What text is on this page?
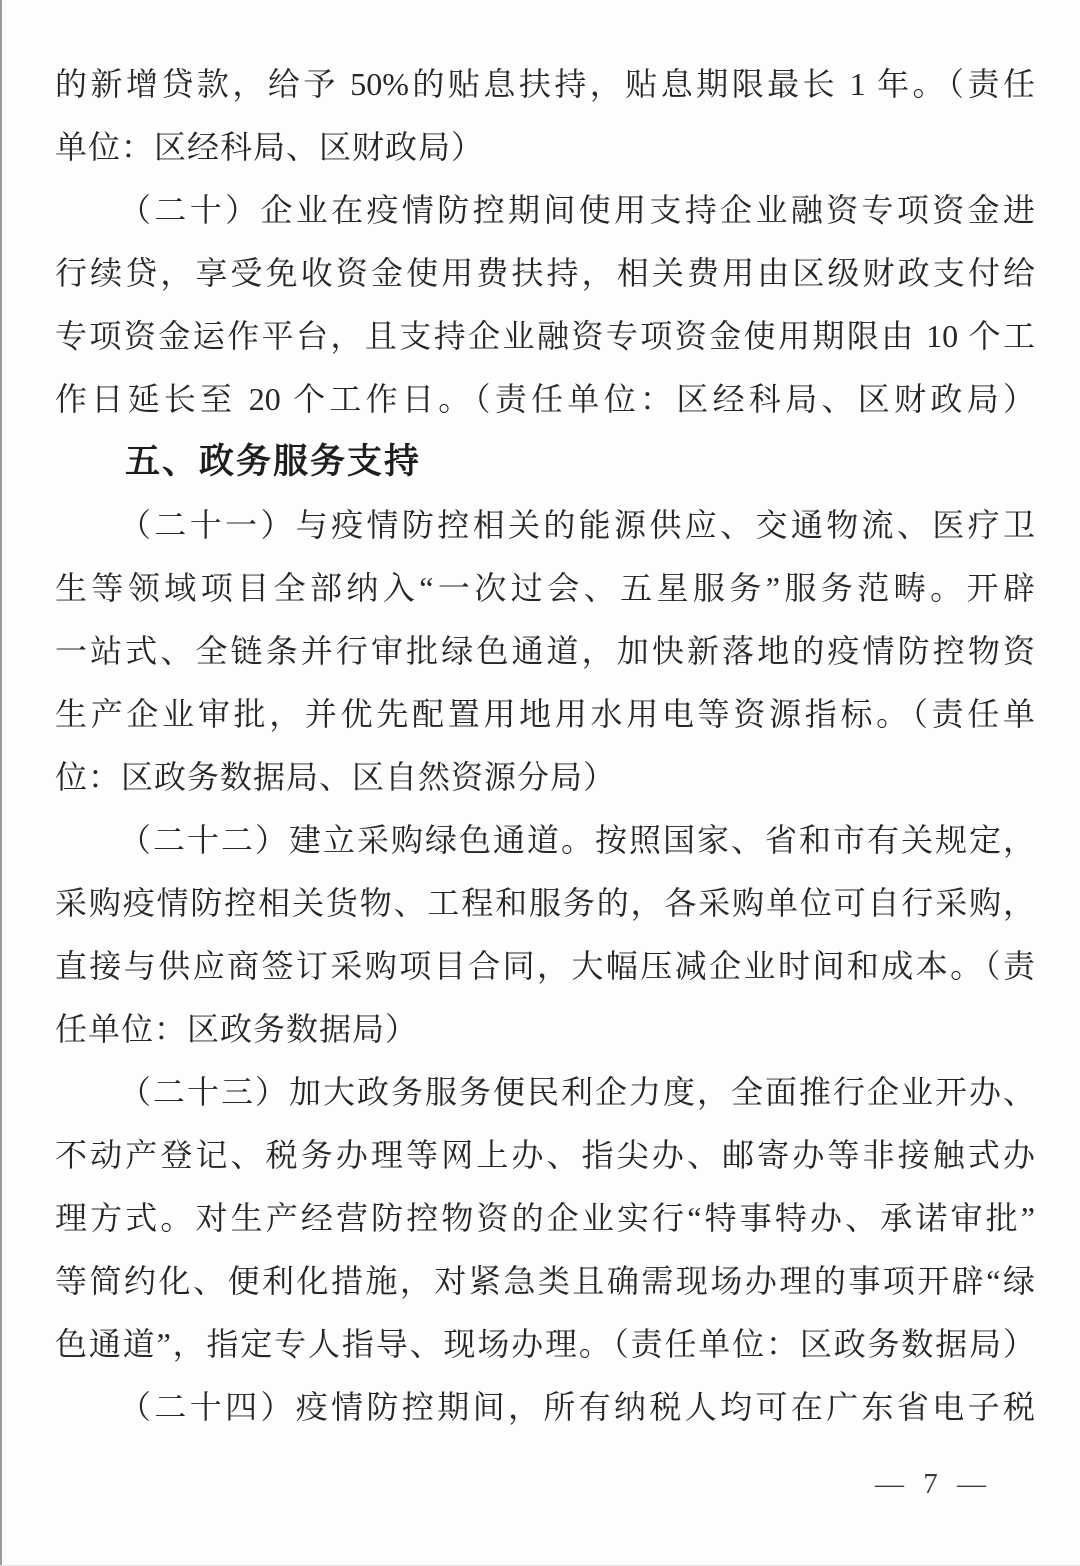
的新增贷款，给予 50%的贴息扶持，贴息期限最长 1 年。（责任
单位：区经科局、区财政局）
（二十）企业在疫情防控期间使用支持企业融资专项资金进
行续贷，享受免收资金使用费扶持，相关费用由区级财政支付给
专项资金运作平台，且支持企业融资专项资金使用期限由 10 个工
作日延长至 20 个工作日。（责任单位：区经科局、区财政局）
五、政务服务支持
（二十一）与疫情防控相关的能源供应、交通物流、医疗卫
生等领域项目全部纳入“一次过会、五星服务”服务范畴。开辟
一站式、全链条并行审批绿色通道，加快新落地的疫情防控物资
生产企业审批，并优先配置用地用水用电等资源指标。（责任单
位：区政务数据局、区自然资源分局）
（二十二）建立采购绿色通道。按照国家、省和市有关规定，
采购疫情防控相关货物、工程和服务的，各采购单位可自行采购，
直接与供应商签订采购项目合同，大幅压减企业时间和成本。（责
任单位：区政务数据局）
（二十三）加大政务服务便民利企力度，全面推行企业开办、
不动产登记、税务办理等网上办、指尖办、邮寄办等非接触式办
理方式。对生产经营防控物资的企业实行“特事特办、承诺审批”
等简约化、便利化措施，对紧急类且确需现场办理的事项开辟“绿
色通道”，指定专人指导、现场办理。（责任单位：区政务数据局）
（二十四）疫情防控期间，所有纳税人均可在广东省电子税
— 7 —
